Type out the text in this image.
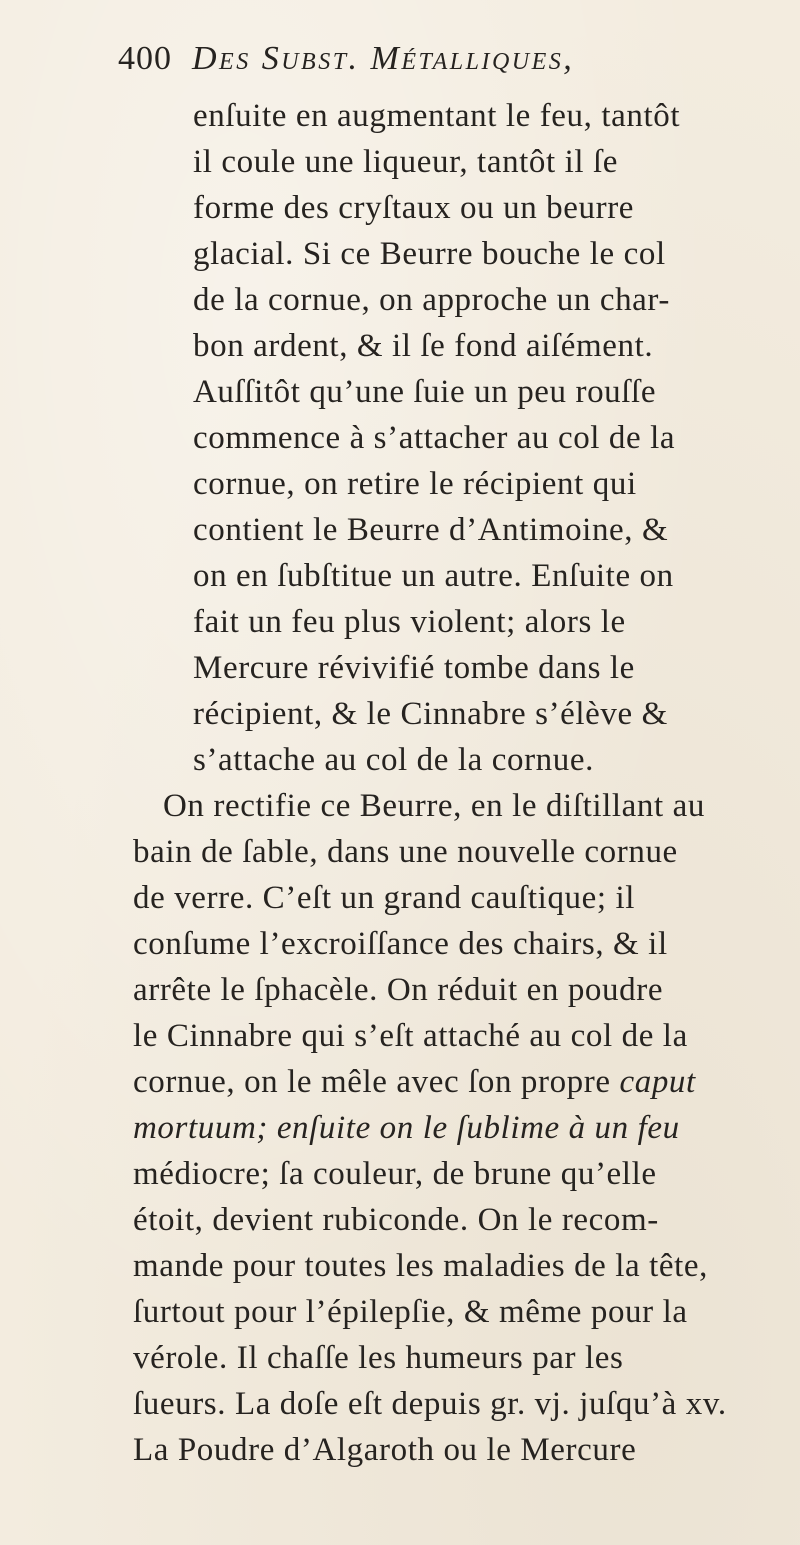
400 Des Subst. Métalliques,
enſuite en augmentant le feu, tantôt
il coule une liqueur, tantôt il ſe
forme des cryſtaux ou un beurre
glacial. Si ce Beurre bouche le col
de la cornue, on approche un char-
bon ardent, & il ſe fond aiſément.
Auſſitôt qu’une ſuie un peu rouſſe
commence à s’attacher au col de la
cornue, on retire le récipient qui
contient le Beurre d’Antimoine, &
on en ſubſtitue un autre. Enſuite on
fait un feu plus violent; alors le
Mercure révivifié tombe dans le
récipient, & le Cinnabre s’élève &
s’attache au col de la cornue.
On rectifie ce Beurre, en le diſtillant au
bain de ſable, dans une nouvelle cornue
de verre. C’eſt un grand cauſtique; il
conſume l’excroiſſance des chairs, & il
arrête le ſphacèle. On réduit en poudre
le Cinnabre qui s’eſt attaché au col de la
cornue, on le mêle avec ſon propre caput
mortuum; enſuite on le ſublime à un feu
médiocre; ſa couleur, de brune qu’elle
étoit, devient rubiconde. On le recom-
mande pour toutes les maladies de la tête,
ſurtout pour l’épilepſie, & même pour la
vérole. Il chaſſe les humeurs par les
ſueurs. La doſe eſt depuis gr. vj. juſqu’à xv.
La Poudre d’Algaroth ou le Mercure
